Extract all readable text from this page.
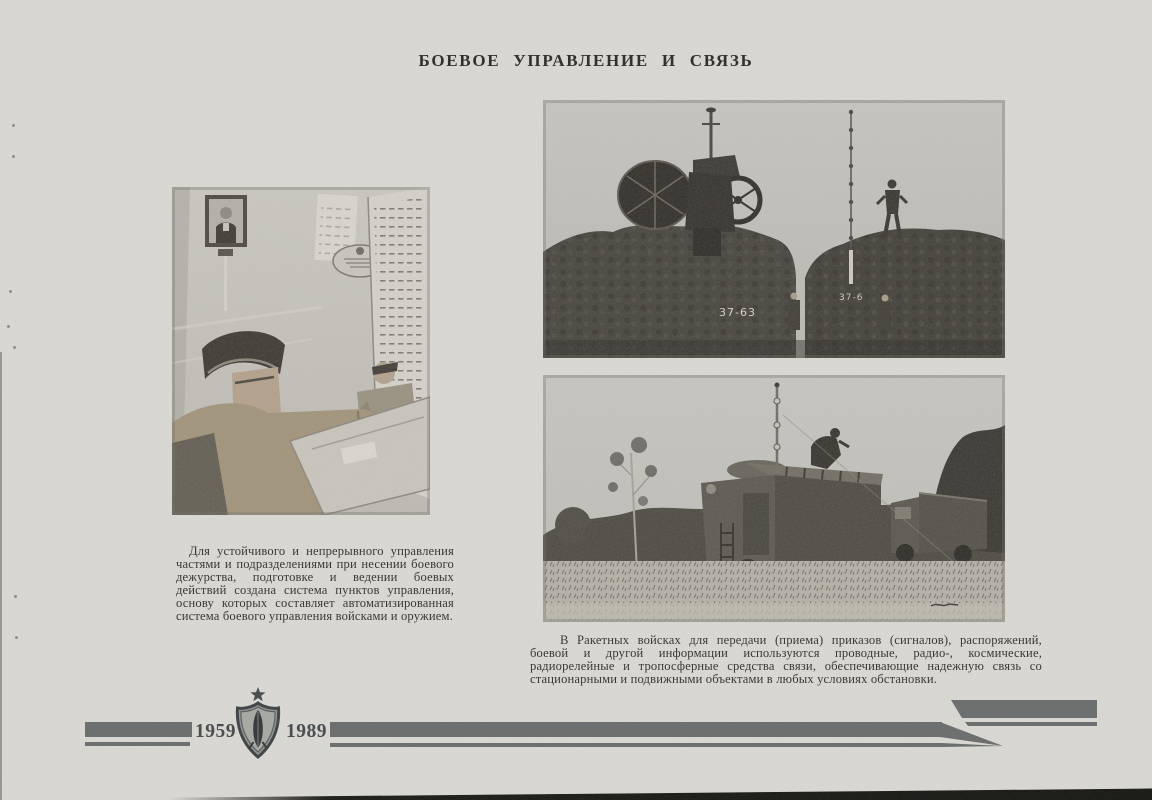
БОЕВОЕ УПРАВЛЕНИЕ И СВЯЗЬ
37-63
37-6

Для устойчивого и непрерывного управления частями и подразделениями при несении боевого дежурства, подготовке и ведении боевых действий создана система пунктов управления, основу которых составляет автоматизированная система боевого управления войсками и оружием.

В Ракетных войсках для передачи (приема) приказов (сигналов), распоряжений, боевой и другой информации используются проводные, радио-, космические, радиорелейные и тропосферные средства связи, обеспечивающие надежную связь со стационарными и подвижными объектами в любых условиях обстановки.

1959	1989
